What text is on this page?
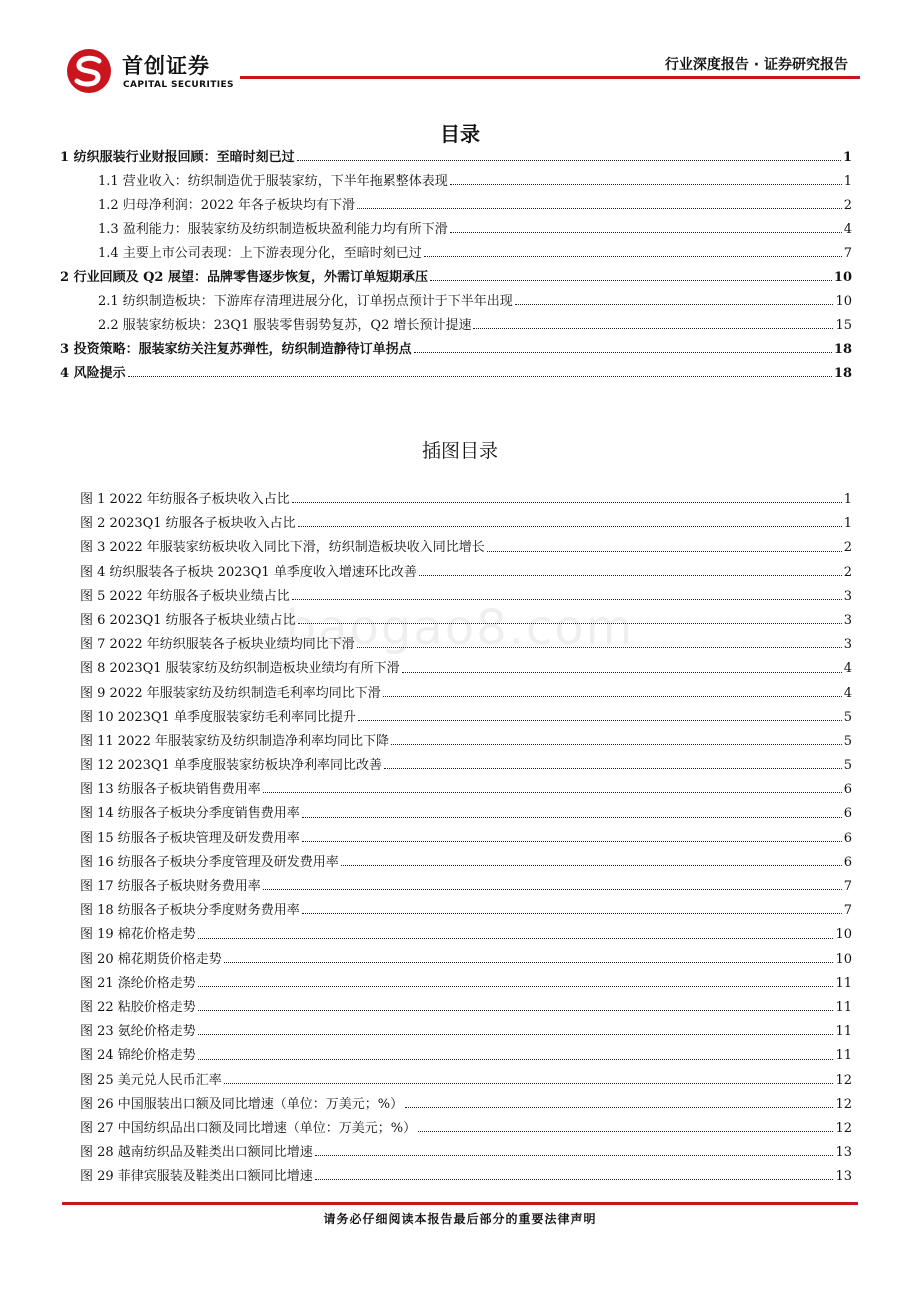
首创证券
CAPITAL SECURITIES
行业深度报告 · 证券研究报告
目录
1 纺织服装行业财报回顾：至暗时刻已过	1
1.1 营业收入：纺织制造优于服装家纺，下半年拖累整体表现	1
1.2 归母净利润：2022 年各子板块均有下滑	2
1.3 盈利能力：服装家纺及纺织制造板块盈利能力均有所下滑	4
1.4 主要上市公司表现：上下游表现分化，至暗时刻已过	7
2 行业回顾及 Q2 展望：品牌零售逐步恢复，外需订单短期承压	10
2.1 纺织制造板块：下游库存清理进展分化，订单拐点预计于下半年出现	10
2.2 服装家纺板块：23Q1 服装零售弱势复苏，Q2 增长预计提速	15
3 投资策略：服装家纺关注复苏弹性，纺织制造静待订单拐点	18
4 风险提示	18
插图目录
图 1 2022 年纺服各子板块收入占比	1
图 2 2023Q1 纺服各子板块收入占比	1
图 3 2022 年服装家纺板块收入同比下滑，纺织制造板块收入同比增长	2
图 4 纺织服装各子板块 2023Q1 单季度收入增速环比改善	2
图 5 2022 年纺服各子板块业绩占比	3
图 6 2023Q1 纺服各子板块业绩占比	3
图 7 2022 年纺织服装各子板块业绩均同比下滑	3
图 8 2023Q1 服装家纺及纺织制造板块业绩均有所下滑	4
图 9 2022 年服装家纺及纺织制造毛利率均同比下滑	4
图 10 2023Q1 单季度服装家纺毛利率同比提升	5
图 11 2022 年服装家纺及纺织制造净利率均同比下降	5
图 12 2023Q1 单季度服装家纺板块净利率同比改善	5
图 13 纺服各子板块销售费用率	6
图 14 纺服各子板块分季度销售费用率	6
图 15 纺服各子板块管理及研发费用率	6
图 16 纺服各子板块分季度管理及研发费用率	6
图 17 纺服各子板块财务费用率	7
图 18 纺服各子板块分季度财务费用率	7
图 19 棉花价格走势	10
图 20 棉花期货价格走势	10
图 21 涤纶价格走势	11
图 22 粘胶价格走势	11
图 23 氨纶价格走势	11
图 24 锦纶价格走势	11
图 25 美元兑人民币汇率	12
图 26 中国服装出口额及同比增速（单位：万美元；%）	12
图 27 中国纺织品出口额及同比增速（单位：万美元；%）	12
图 28 越南纺织品及鞋类出口额同比增速	13
图 29 菲律宾服装及鞋类出口额同比增速	13
baogao8.com
请务必仔细阅读本报告最后部分的重要法律声明
